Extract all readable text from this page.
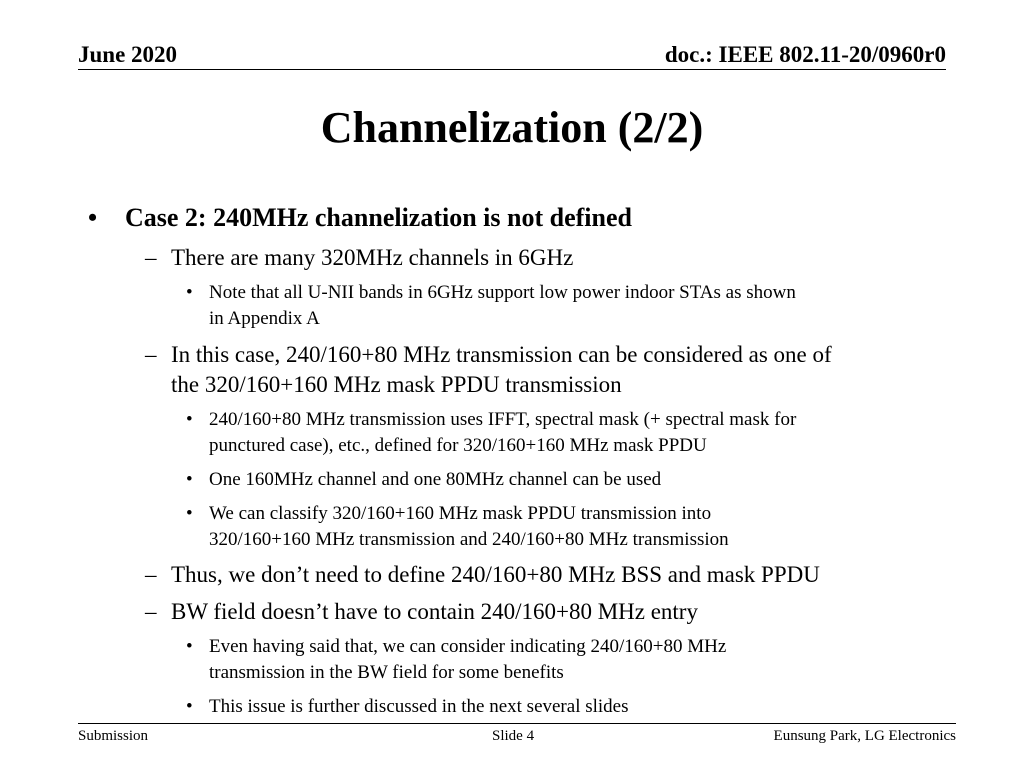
June 2020	doc.: IEEE 802.11-20/0960r0
Channelization (2/2)
• Case 2: 240MHz channelization is not defined

– There are many 320MHz channels in 6GHz

• Note that all U-NII bands in 6GHz support low power indoor STAs as shown

in Appendix A

– In this case, 240/160+80 MHz transmission can be considered as one of

the 320/160+160 MHz mask PPDU transmission

• 240/160+80 MHz transmission uses IFFT, spectral mask (+ spectral mask for

punctured case), etc., defined for 320/160+160 MHz mask PPDU

• One 160MHz channel and one 80MHz channel can be used

• We can classify 320/160+160 MHz mask PPDU transmission into

320/160+160 MHz transmission and 240/160+80 MHz transmission

– Thus, we don’t need to define 240/160+80 MHz BSS and mask PPDU

– BW field doesn’t have to contain 240/160+80 MHz entry

• Even having said that, we can consider indicating 240/160+80 MHz

transmission in the BW field for some benefits

• This issue is further discussed in the next several slides

Submission	Slide 4	Eunsung Park, LG Electronics
